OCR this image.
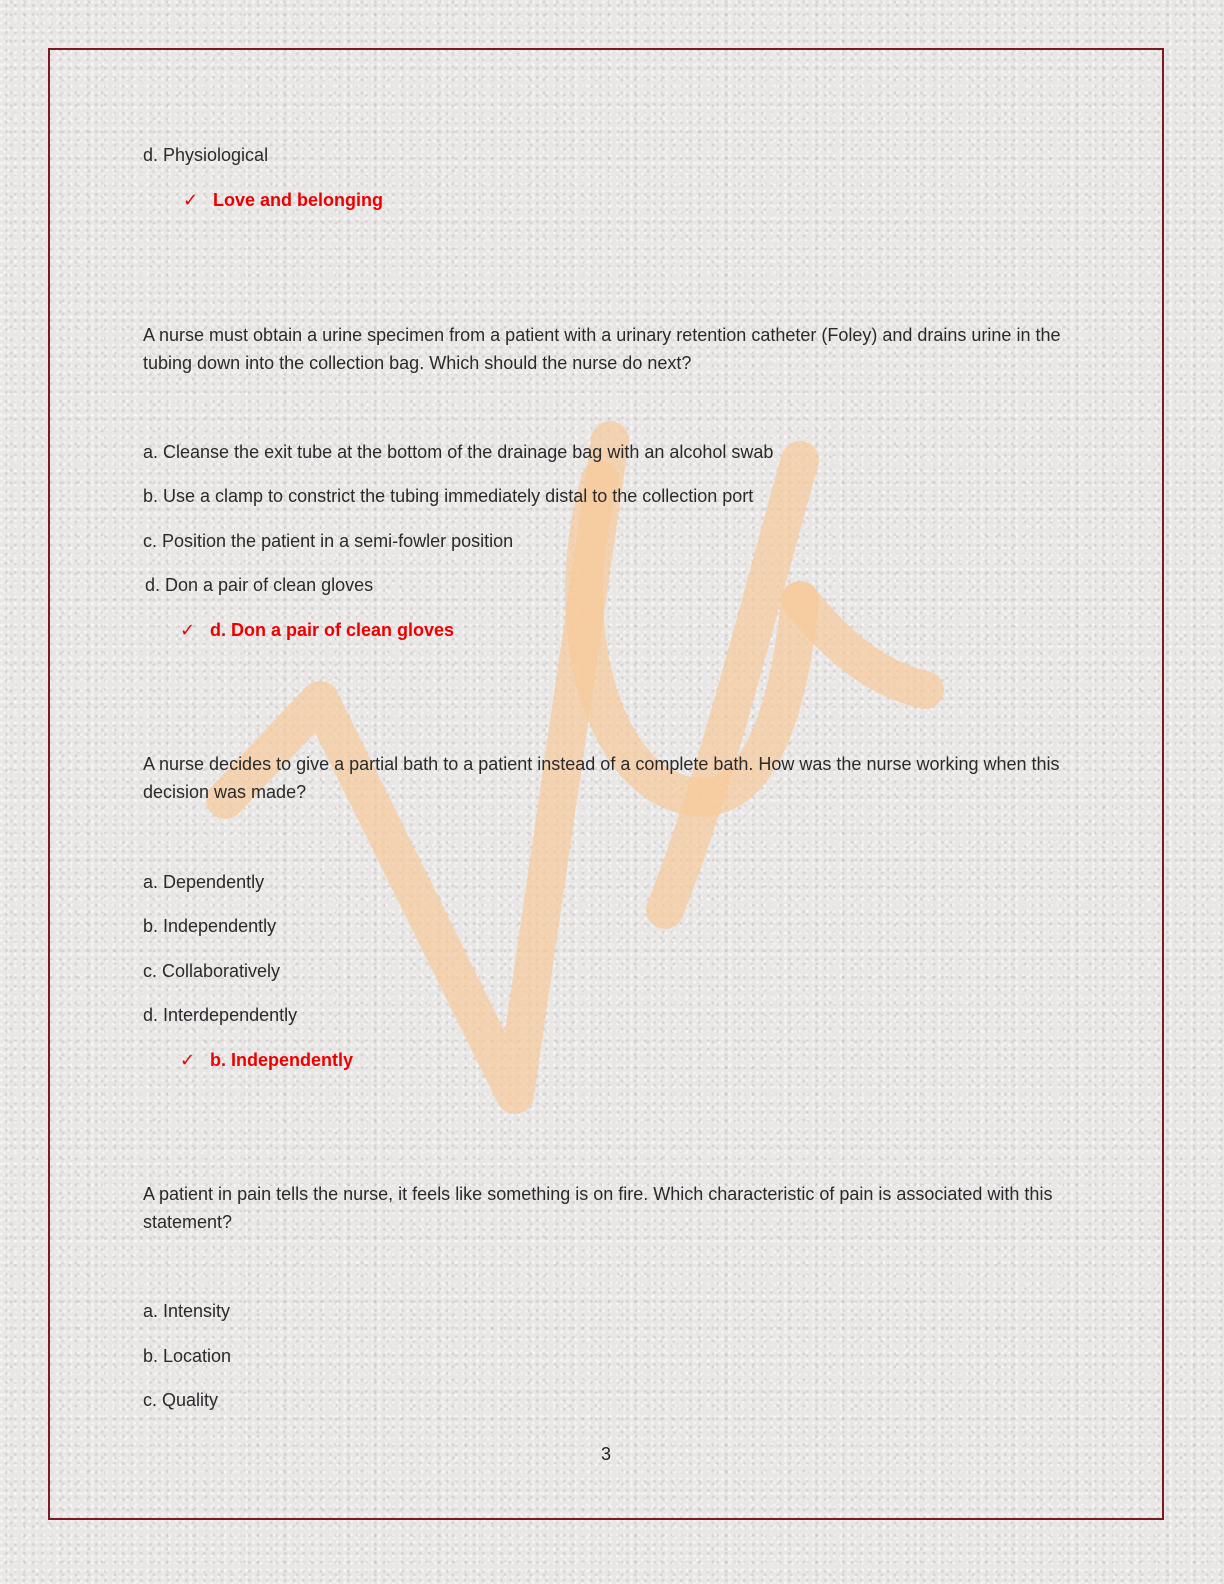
d. Physiological
✓ Love and belonging
A nurse must obtain a urine specimen from a patient with a urinary retention catheter (Foley) and drains urine in the tubing down into the collection bag. Which should the nurse do next?
a. Cleanse the exit tube at the bottom of the drainage bag with an alcohol swab
b. Use a clamp to constrict the tubing immediately distal to the collection port
c. Position the patient in a semi-fowler position
d. Don a pair of clean gloves
✓ d. Don a pair of clean gloves
A nurse decides to give a partial bath to a patient instead of a complete bath. How was the nurse working when this decision was made?
a. Dependently
b. Independently
c. Collaboratively
d. Interdependently
✓ b. Independently
A patient in pain tells the nurse, it feels like something is on fire. Which characteristic of pain is associated with this statement?
a. Intensity
b. Location
c. Quality
3
